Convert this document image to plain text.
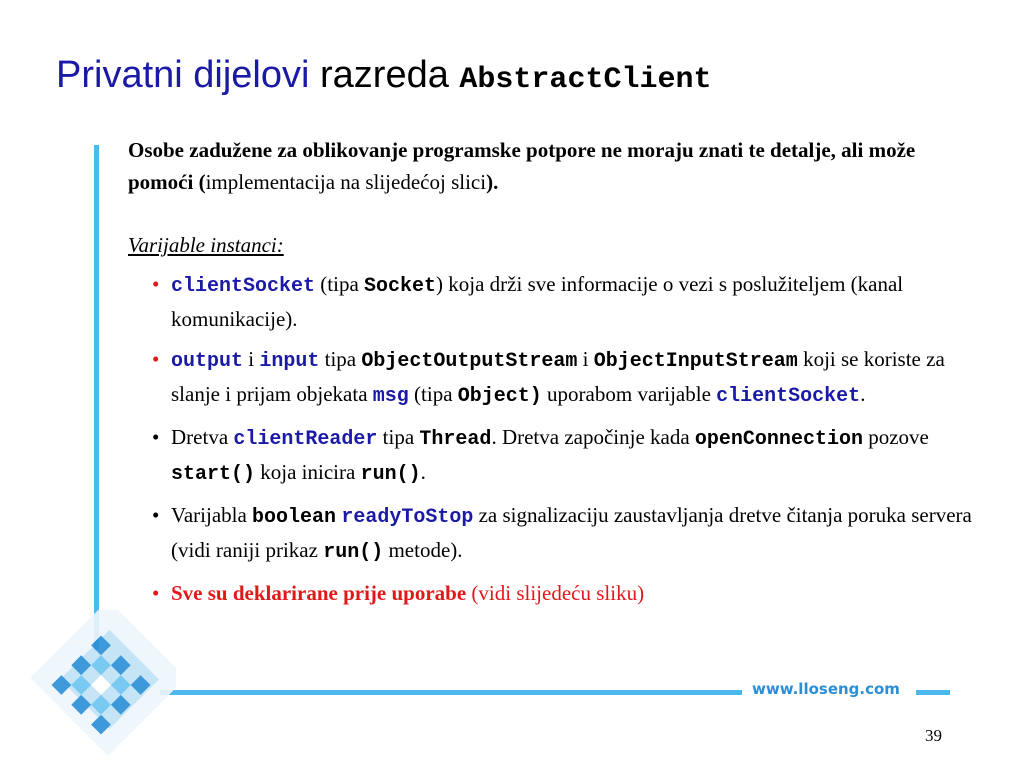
Privatni dijelovi razreda AbstractClient
www.lloseng.com
39

Osobe zadužene za oblikovanje programske potpore ne moraju znati te detalje, ali može pomoći (implementacija na slijedećoj slici).

Varijable instanci:

• clientSocket (tipa Socket) koja drži sve informacije o vezi s poslužiteljem (kanal komunikacije).
• output i input tipa ObjectOutputStream i ObjectInputStream koji se koriste za slanje i prijam objekata msg (tipa Object) uporabom varijable clientSocket.
• Dretva clientReader tipa Thread. Dretva započinje kada openConnection pozove start() koja inicira run().
• Varijabla boolean readyToStop za signalizaciju zaustavljanja dretve čitanja poruka servera (vidi raniji prikaz run() metode).
• Sve su deklarirane prije uporabe (vidi slijedeću sliku)
